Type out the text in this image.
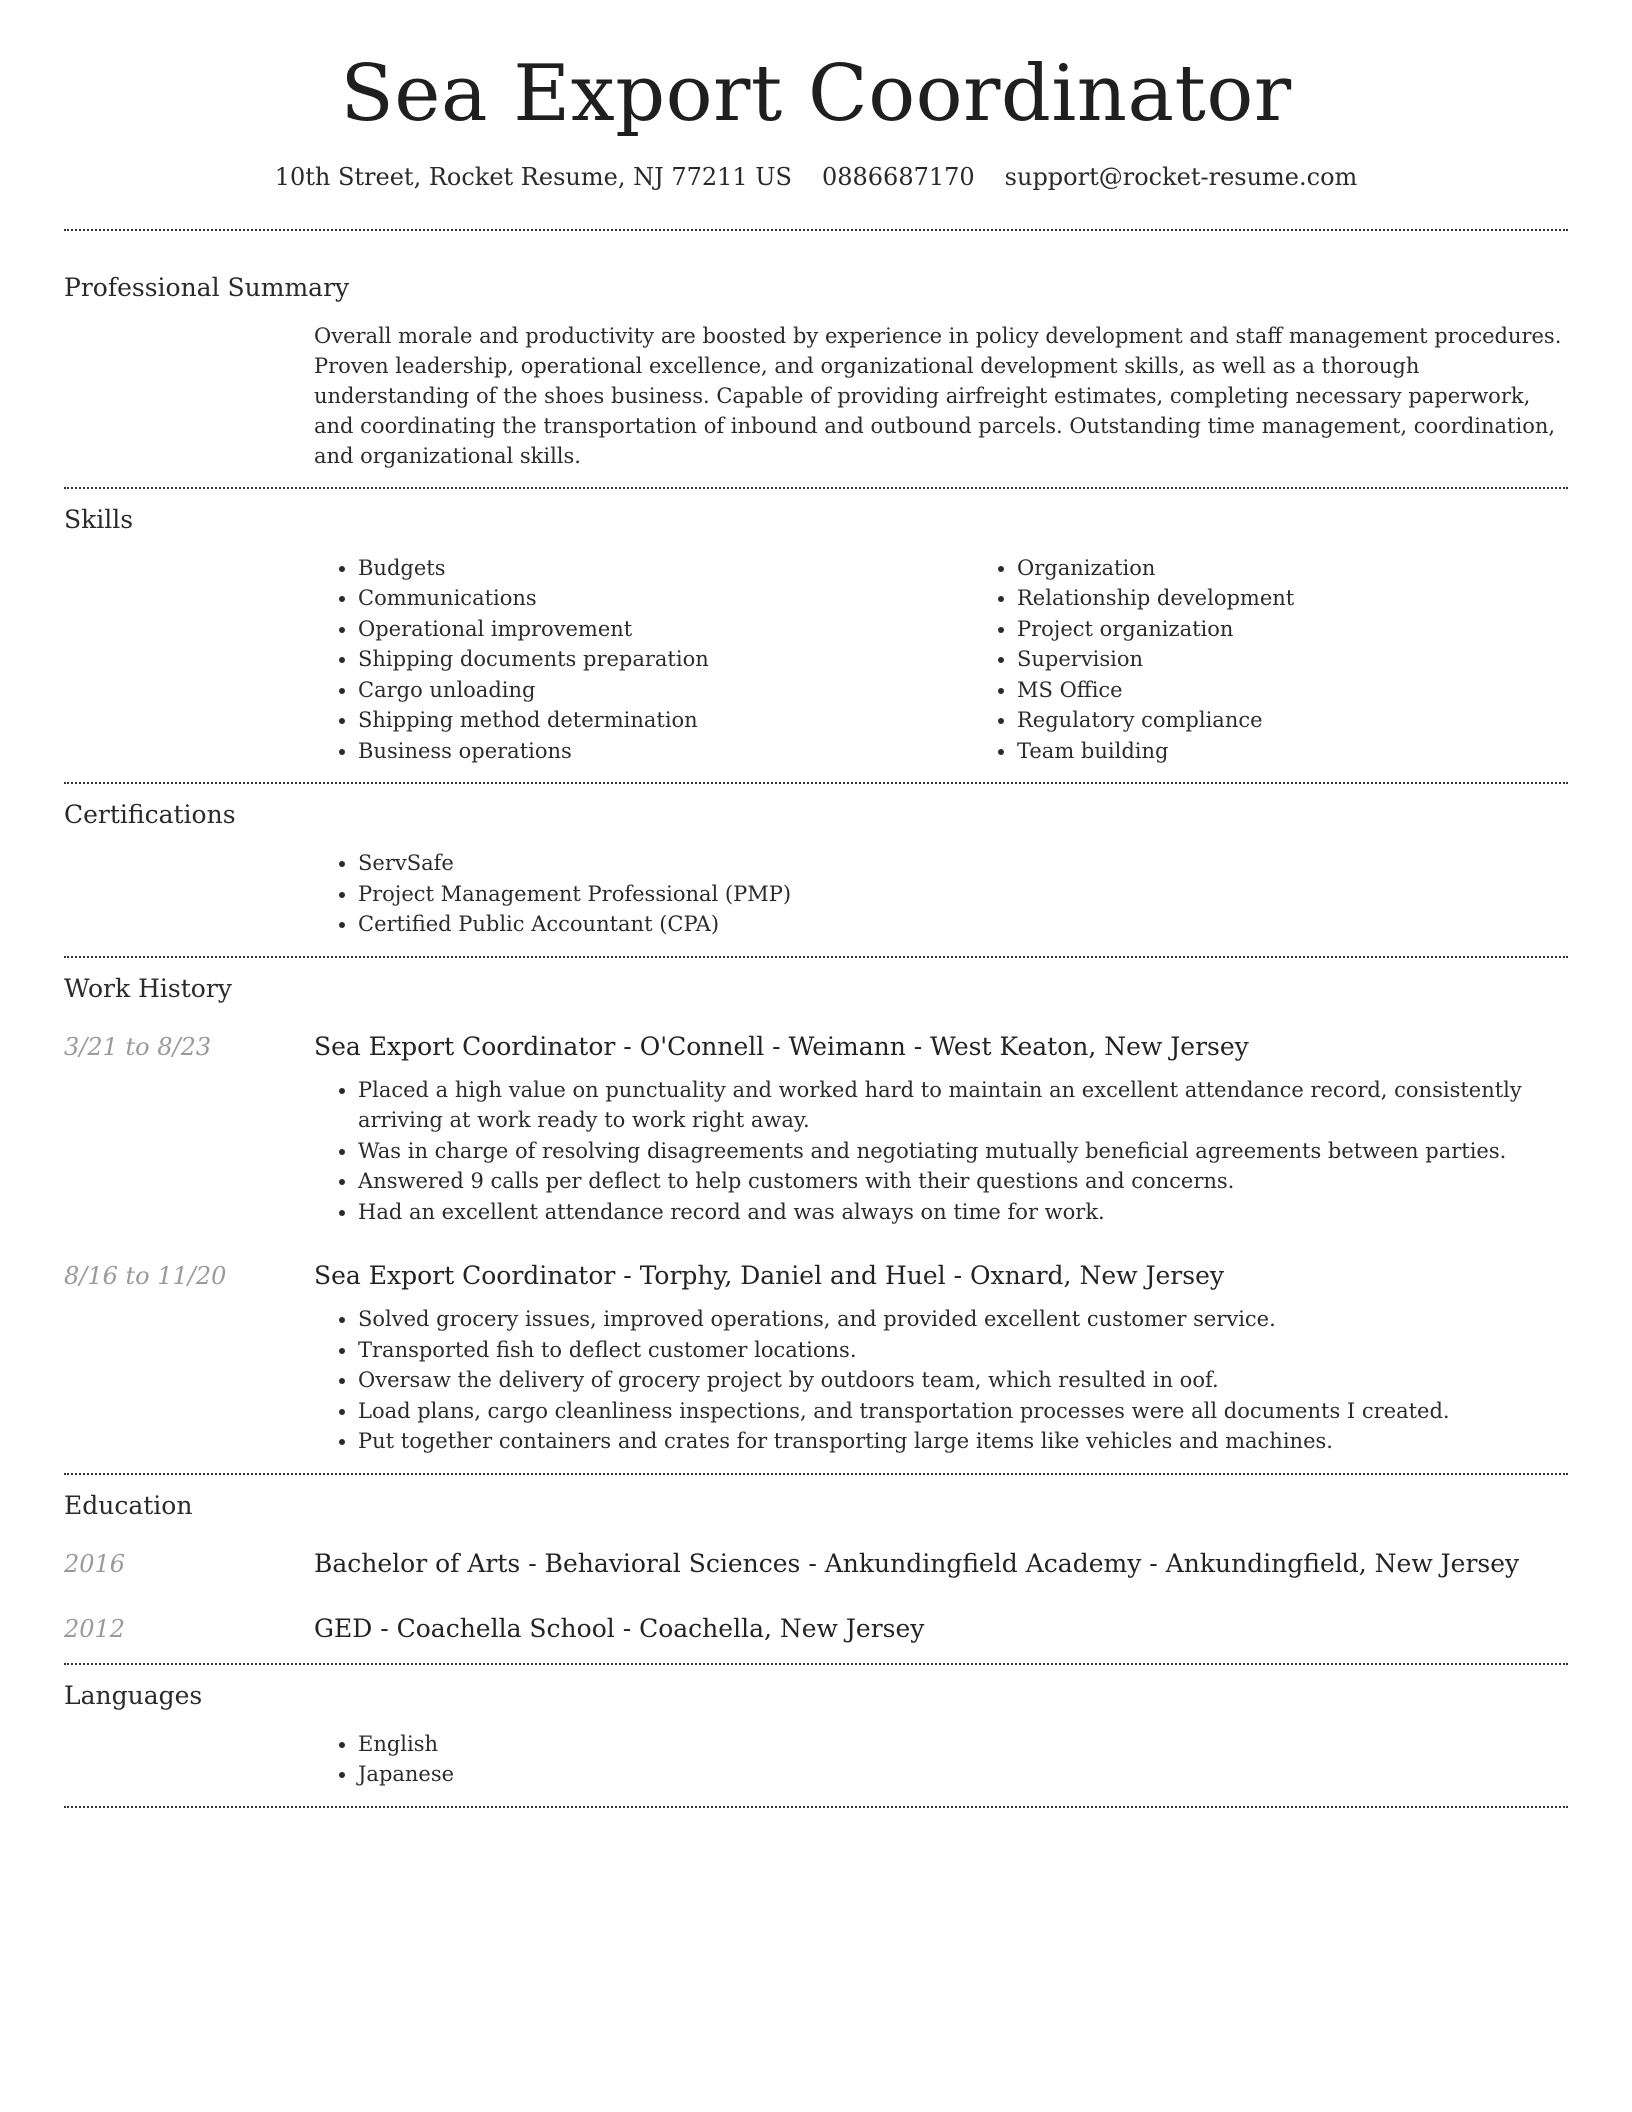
Sea Export Coordinator
10th Street, Rocket Resume, NJ 77211 US 0886687170 support@rocket-resume.com
Professional Summary

Overall morale and productivity are boosted by experience in policy development and staff management procedures. Proven leadership, operational excellence, and organizational development skills, as well as a thorough understanding of the shoes business. Capable of providing airfreight estimates, completing necessary paperwork, and coordinating the transportation of inbound and outbound parcels. Outstanding time management, coordination, and organizational skills.

Skills
• Budgets
• Communications
• Operational improvement
• Shipping documents preparation
• Cargo unloading
• Shipping method determination
• Business operations
• Organization
• Relationship development
• Project organization
• Supervision
• MS Office
• Regulatory compliance
• Team building
Certifications
• ServSafe
• Project Management Professional (PMP)
• Certified Public Accountant (CPA)
Work History
3/21 to 8/23	Sea Export Coordinator - O'Connell - Weimann - West Keaton, New Jersey
• Placed a high value on punctuality and worked hard to maintain an excellent attendance record, consistently arriving at work ready to work right away.
• Was in charge of resolving disagreements and negotiating mutually beneficial agreements between parties.
• Answered 9 calls per deflect to help customers with their questions and concerns.
• Had an excellent attendance record and was always on time for work.
8/16 to 11/20	Sea Export Coordinator - Torphy, Daniel and Huel - Oxnard, New Jersey
• Solved grocery issues, improved operations, and provided excellent customer service.
• Transported fish to deflect customer locations.
• Oversaw the delivery of grocery project by outdoors team, which resulted in oof.
• Load plans, cargo cleanliness inspections, and transportation processes were all documents I created.
• Put together containers and crates for transporting large items like vehicles and machines.
Education
2016	Bachelor of Arts - Behavioral Sciences - Ankundingfield Academy - Ankundingfield, New Jersey
2012	GED - Coachella School - Coachella, New Jersey
Languages
• English
• Japanese
